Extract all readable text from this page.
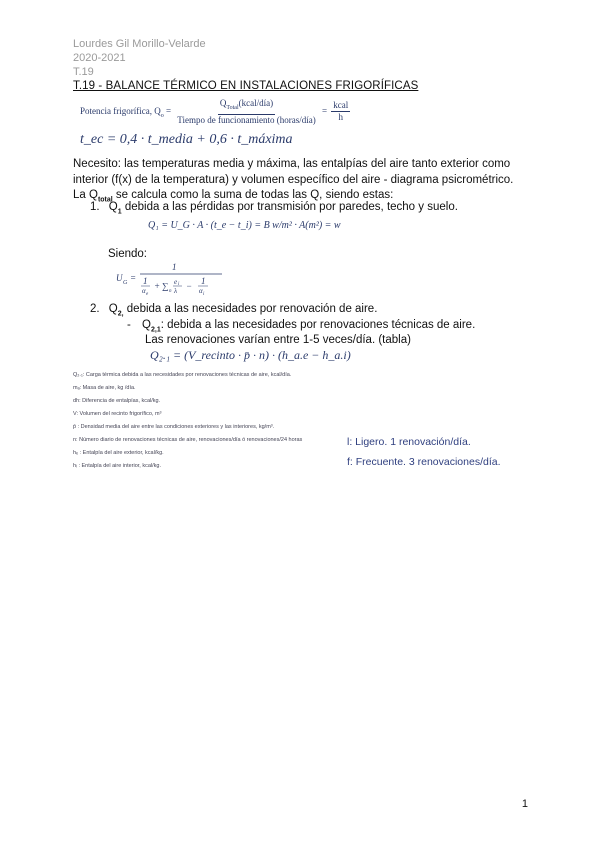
Lourdes Gil Morillo-Velarde
2020-2021
T.19
T.19 - BALANCE TÉRMICO EN INSTALACIONES FRIGORÍFICAS
Potencia frigorífica, $Q_o = \frac{Q_{Total}(kcal/día)}{\text{Tiempo de funcionamiento (horas/día)}} = \frac{\text{kcal}}{h}$
t_ec = 0,4 · t_media + 0,6 · t_máxima
Necesito: las temperaturas media y máxima, las entalpías del aire tanto exterior como
interior (f(x) de la temperatura) y volumen específico del aire - diagrama psicrométrico.
La $Q_{total}$ se calcula como la suma de todas las Q, siendo estas:
1. $Q_1$ debida a las pérdidas por transmisión por paredes, techo y suelo.
Q₁ = U_G · A · (t_e − t_i) = B w/m² · A(m²) = w
Siendo:
U G =
1
1
α e
+ ∑
n
e i
λ − 1
α i
2. $Q_{2,}$ debida a las necesidades por renovación de aire.
- $Q_{2,1}$: debida a las necesidades por renovaciones técnicas de aire.
Las renovaciones varían entre 1-5 veces/día. (tabla)
Q₂.₁ = (V_recinto · p̄ · n) · (h_a.e − h_a.i)
Q₂.₁: Carga térmica debida a las necesidades por renovaciones técnicas de aire, kcal/día.
mₐ: Masa de aire, kg /día.
dh: Diferencia de entalpías, kcal/kg.
V: Volumen del recinto frigorífico, m³
p̄ : Densidad media del aire entre las condiciones exteriores y las interiores, kg/m³.
n: Número diario de renovaciones técnicas de aire, renovaciones/día ó renovaciones/24 horas
hₑ : Entalpía del aire exterior, kcal/kg.
hᵢ : Entalpía del aire interior, kcal/kg.
l: Ligero. 1 renovación/día.
f: Frecuente. 3 renovaciones/día.
1
